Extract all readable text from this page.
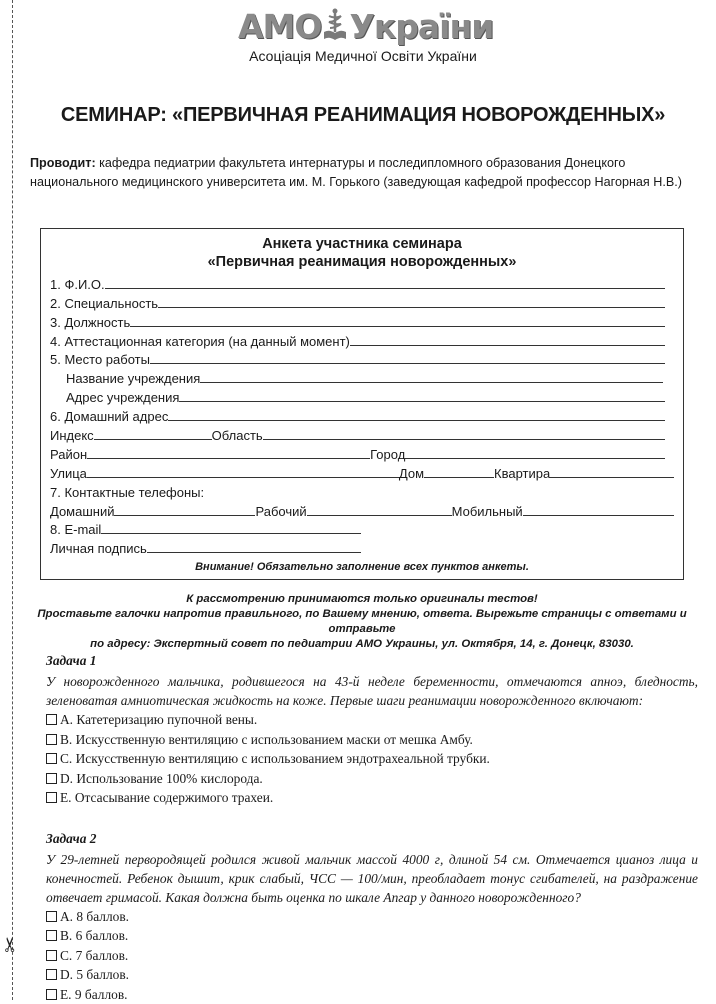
✂
АМО України
Асоціація Медичної Освіти України
СЕМИНАР: «ПЕРВИЧНАЯ РЕАНИМАЦИЯ НОВОРОЖДЕННЫХ»
Проводит: кафедра педиатрии факультета интернатуры и последипломного образования Донецкого национального медицинского университета им. М. Горького (заведующая кафедрой профессор Нагорная Н.В.)
Анкета участника семинара
«Первичная реанимация новорожденных»
1. Ф.И.О.
2. Специальность
3. Должность
4. Аттестационная категория (на данный момент)
5. Место работы
Название учреждения
Адрес учреждения
6. Домашний адрес
Индекс	Область
Район	Город
Улица	Дом	Квартира
7. Контактные телефоны:
Домашний	Рабочий	Мобильный
8. E-mail
Личная подпись
Внимание! Обязательно заполнение всех пунктов анкеты.
К рассмотрению принимаются только оригиналы тестов!
Проставьте галочки напротив правильного, по Вашему мнению, ответа. Вырежьте страницы с ответами и отправьте
по адресу: Экспертный совет по педиатрии АМО Украины, ул. Октября, 14, г. Донецк, 83030.
Задача 1
У новорожденного мальчика, родившегося на 43-й неделе беременности, отмечаются апноэ, бледность, зеленоватая амниотическая жидкость на коже. Первые шаги реанимации новорожденного включают:
A. Катетеризацию пупочной вены.
B. Искусственную вентиляцию с использованием маски от мешка Амбу.
C. Искусственную вентиляцию с использованием эндотрахеальной трубки.
D. Использование 100% кислорода.
E. Отсасывание содержимого трахеи.
Задача 2
У 29-летней первородящей родился живой мальчик массой 4000 г, длиной 54 см. Отмечается цианоз лица и конечностей. Ребенок дышит, крик слабый, ЧСС — 100/мин, преобладает тонус сгибателей, на раздражение отвечает гримасой. Какая должна быть оценка по шкале Апгар у данного новорожденного?
A. 8 баллов.
B. 6 баллов.
C. 7 баллов.
D. 5 баллов.
E. 9 баллов.
